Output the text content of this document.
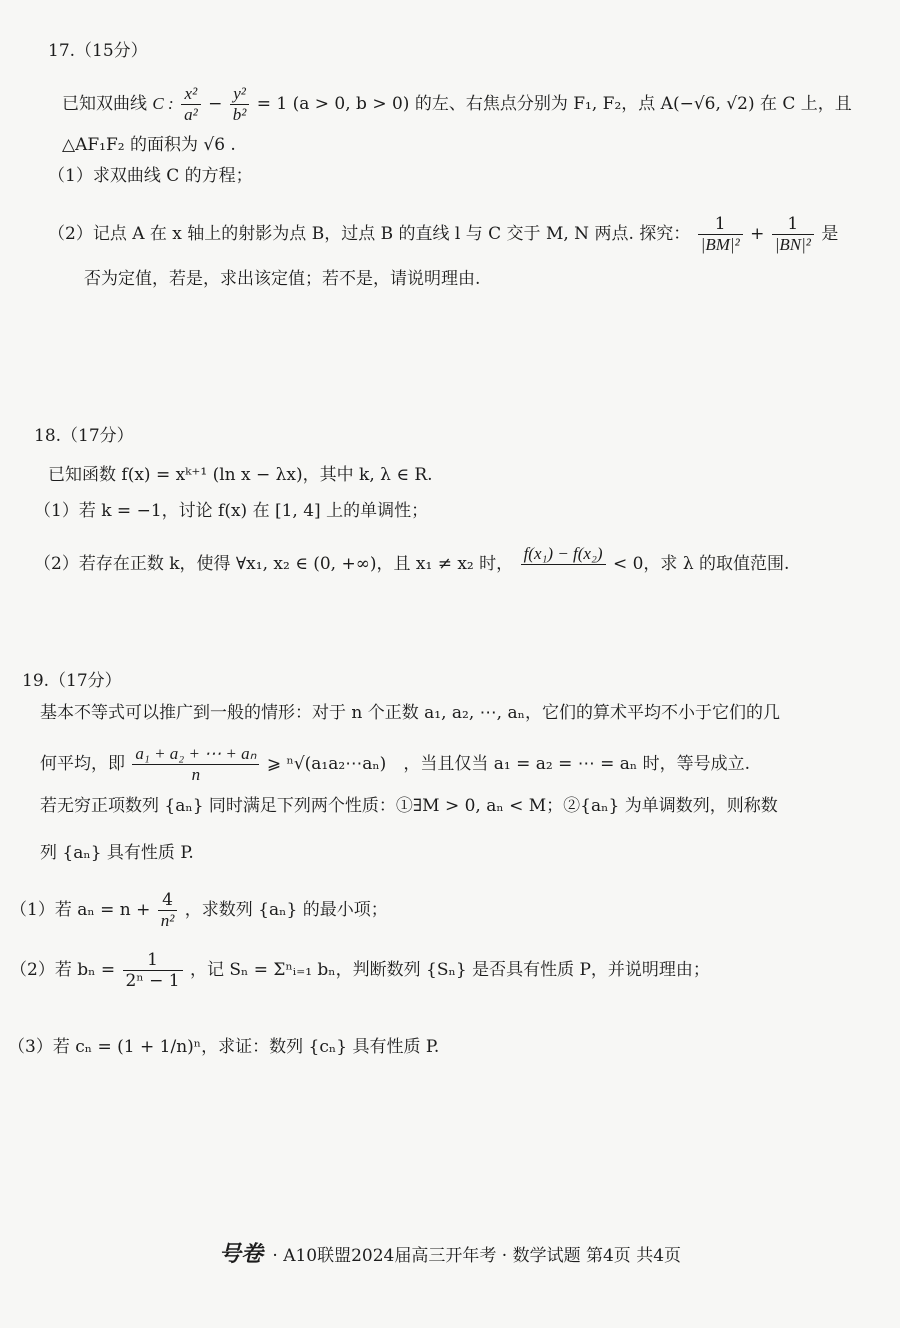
17.（15分）
已知双曲线 C : $\frac{\text{x²}}{\text{a²}} - \frac{\text{y²}}{\text{b²}} = 1$ (a > 0, b > 0) 的左、右焦点分别为 F₁, F₂，点 A(−√6, √2) 在 C 上，且
△AF₁F₂ 的面积为 √6 .
（1）求双曲线 C 的方程；
（2）记点 A 在 x 轴上的射影为点 B，过点 B 的直线 l 与 C 交于 M, N 两点. 探究： $\frac{1}{\text{|BM|²}} + \frac{1}{\text{|BN|²}}$ 是
否为定值，若是，求出该定值；若不是，请说明理由.
18.（17分）
已知函数 f(x) = xᵏ⁺¹ (ln x − λx)，其中 k, λ ∈ R.
（1）若 k = −1，讨论 f(x) 在 [1, 4] 上的单调性；
（2）若存在正数 k，使得 ∀x₁, x₂ ∈ (0, +∞)，且 x₁ ≠ x₂ 时，
f(x₁) − f(x₂)

< 0，求 λ 的取值范围.
19.（17分）
基本不等式可以推广到一般的情形：对于 n 个正数 a₁, a₂, ⋯, aₙ，它们的算术平均不小于它们的几
何平均，即 $\frac{\text{a₁ + a₂ + ⋯ + aₙ}}{n}$ ⩾ ⁿ√(a₁a₂⋯aₙ)　，当且仅当 a₁ = a₂ = ⋯ = aₙ 时，等号成立.
若无穷正项数列 {aₙ} 同时满足下列两个性质：①∃M > 0, aₙ < M；②{aₙ} 为单调数列，则称数
列 {aₙ} 具有性质 P.
（1）若 $a_n = n + \frac{4}{\text{n²}}$ ，求数列 {aₙ} 的最小项；
（2）若 $b_n = \frac{1}{\text{2ⁿ − 1}}$ ，记 Sₙ = Σⁿᵢ₌₁ bₙ，判断数列 {Sₙ} 是否具有性质 P，并说明理由；
（3）若 cₙ = (1 + 1/n)ⁿ，求证：数列 {cₙ} 具有性质 P.
号卷 · A10联盟2024届高三开年考 · 数学试题 第4页 共4页
